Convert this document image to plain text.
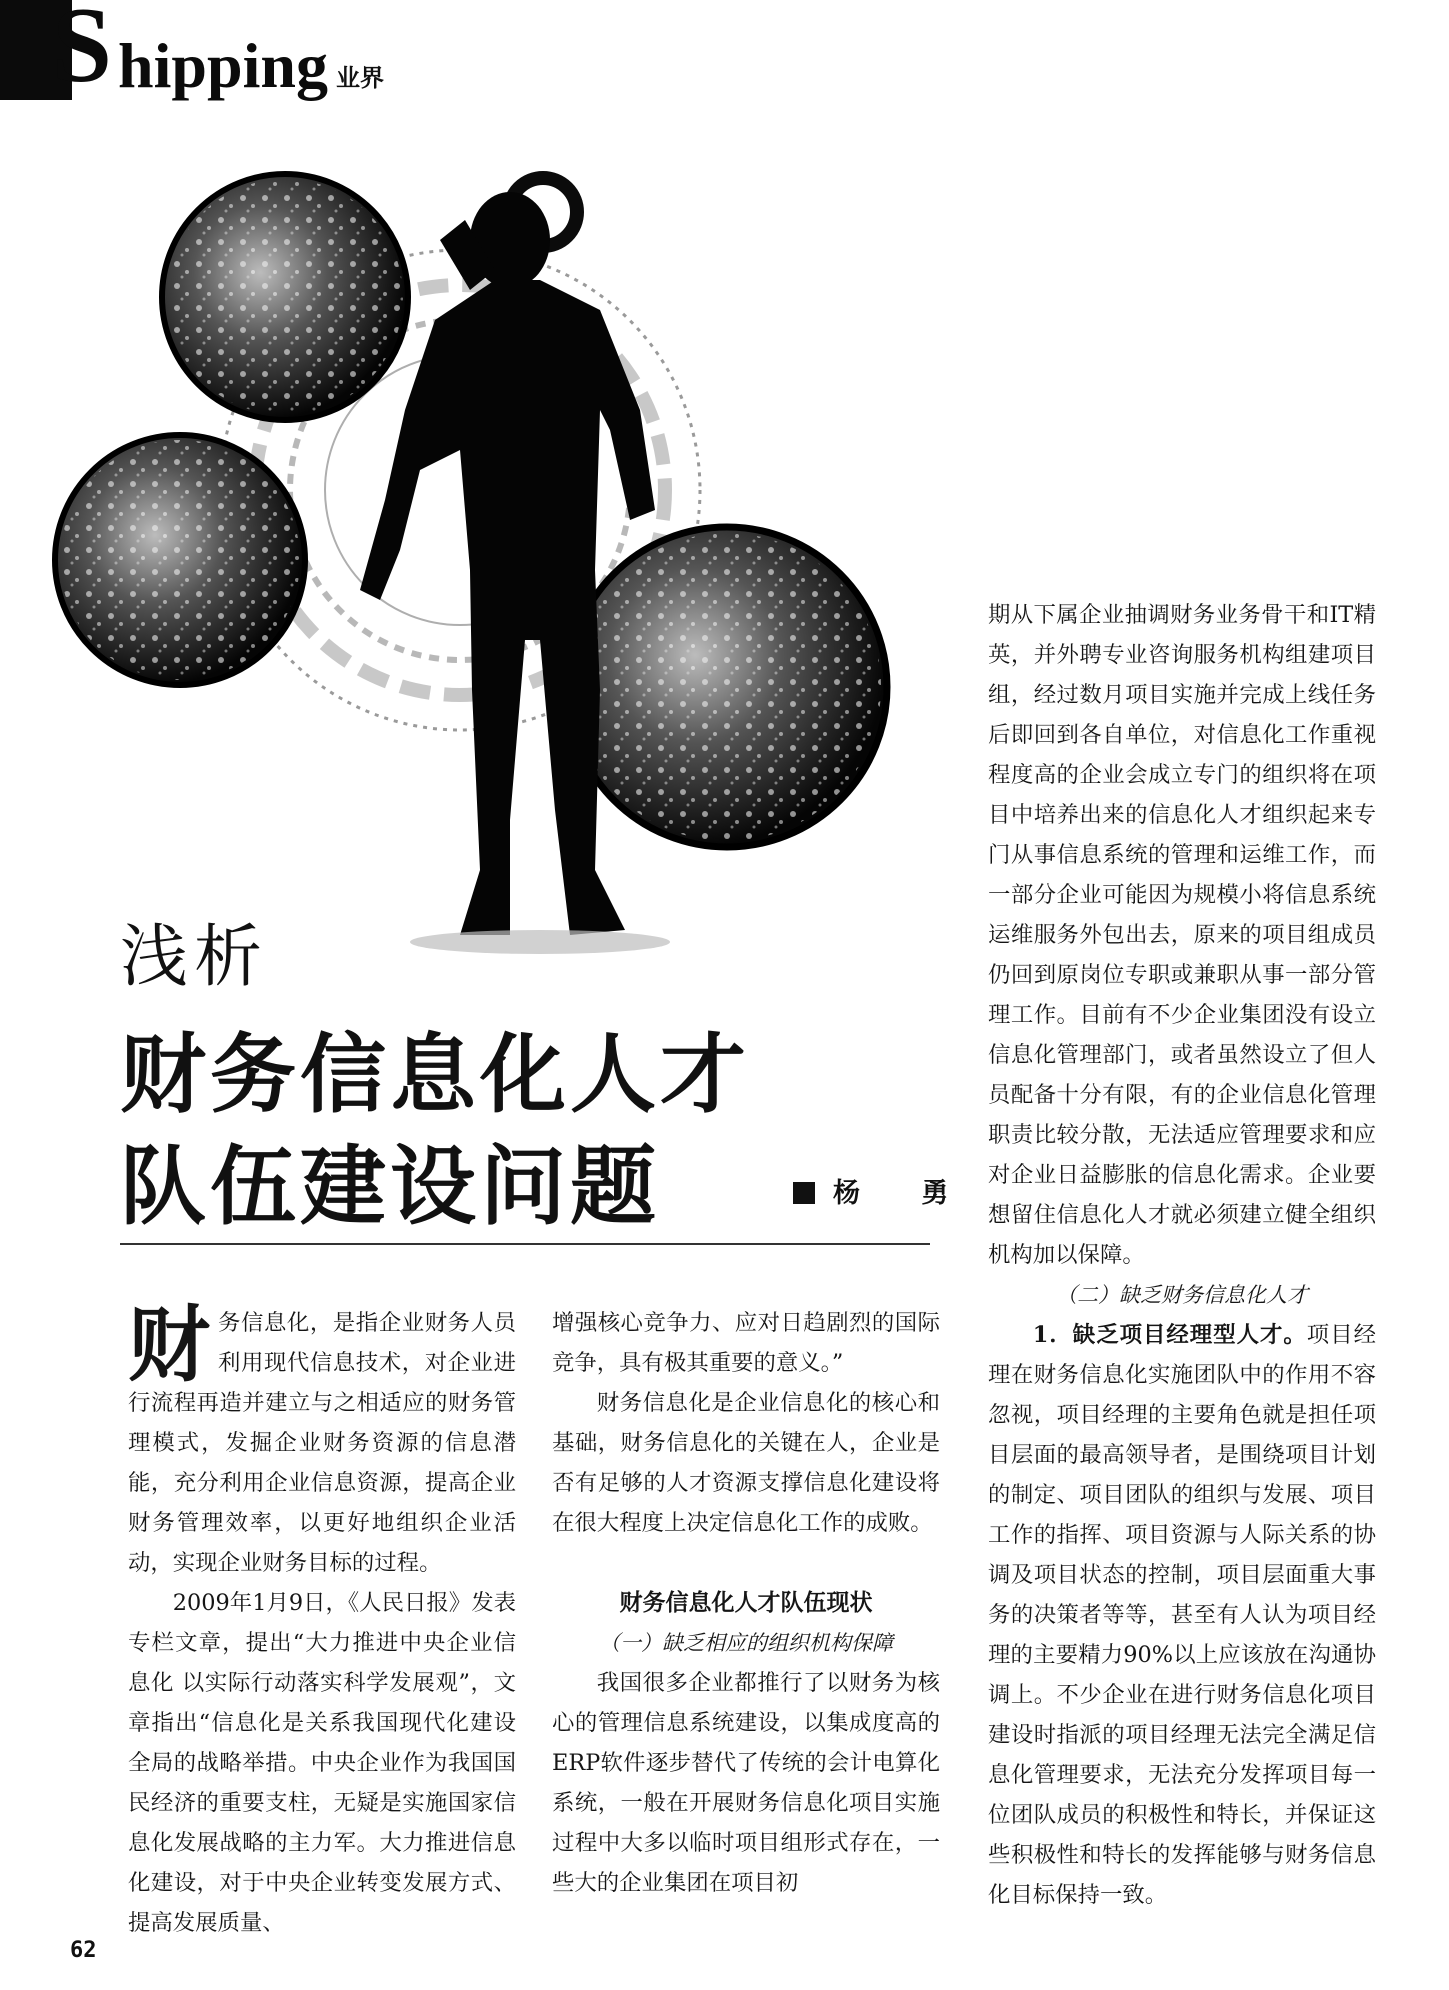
S hipping 业界
浅析
财务信息化人才
队伍建设问题	杨 勇

财务信息化，是指企业财务人员利用现代信息技术，对企业进行流程再造并建立与之相适应的财务管理模式，发掘企业财务资源的信息潜能，充分利用企业信息资源，提高企业财务管理效率，以更好地组织企业活动，实现企业财务目标的过程。

2009年1月9日，《人民日报》发表专栏文章，提出“大力推进中央企业信息化 以实际行动落实科学发展观”，文章指出“信息化是关系我国现代化建设全局的战略举措。中央企业作为我国国民经济的重要支柱，无疑是实施国家信息化发展战略的主力军。大力推进信息化建设，对于中央企业转变发展方式、提高发展质量、

增强核心竞争力、应对日趋剧烈的国际竞争，具有极其重要的意义。”

财务信息化是企业信息化的核心和基础，财务信息化的关键在人，企业是否有足够的人才资源支撑信息化建设将在很大程度上决定信息化工作的成败。

财务信息化人才队伍现状
（一）缺乏相应的组织机构保障

我国很多企业都推行了以财务为核心的管理信息系统建设，以集成度高的ERP软件逐步替代了传统的会计电算化系统，一般在开展财务信息化项目实施过程中大多以临时项目组形式存在，一些大的企业集团在项目初

期从下属企业抽调财务业务骨干和IT精英，并外聘专业咨询服务机构组建项目组，经过数月项目实施并完成上线任务后即回到各自单位，对信息化工作重视程度高的企业会成立专门的组织将在项目中培养出来的信息化人才组织起来专门从事信息系统的管理和运维工作，而一部分企业可能因为规模小将信息系统运维服务外包出去，原来的项目组成员仍回到原岗位专职或兼职从事一部分管理工作。目前有不少企业集团没有设立信息化管理部门，或者虽然设立了但人员配备十分有限，有的企业信息化管理职责比较分散，无法适应管理要求和应对企业日益膨胀的信息化需求。企业要想留住信息化人才就必须建立健全组织机构加以保障。

（二）缺乏财务信息化人才

1．缺乏项目经理型人才。项目经理在财务信息化实施团队中的作用不容忽视，项目经理的主要角色就是担任项目层面的最高领导者，是围绕项目计划的制定、项目团队的组织与发展、项目工作的指挥、项目资源与人际关系的协调及项目状态的控制，项目层面重大事务的决策者等等，甚至有人认为项目经理的主要精力90%以上应该放在沟通协调上。不少企业在进行财务信息化项目建设时指派的项目经理无法完全满足信息化管理要求，无法充分发挥项目每一位团队成员的积极性和特长，并保证这些积极性和特长的发挥能够与财务信息化目标保持一致。

62
